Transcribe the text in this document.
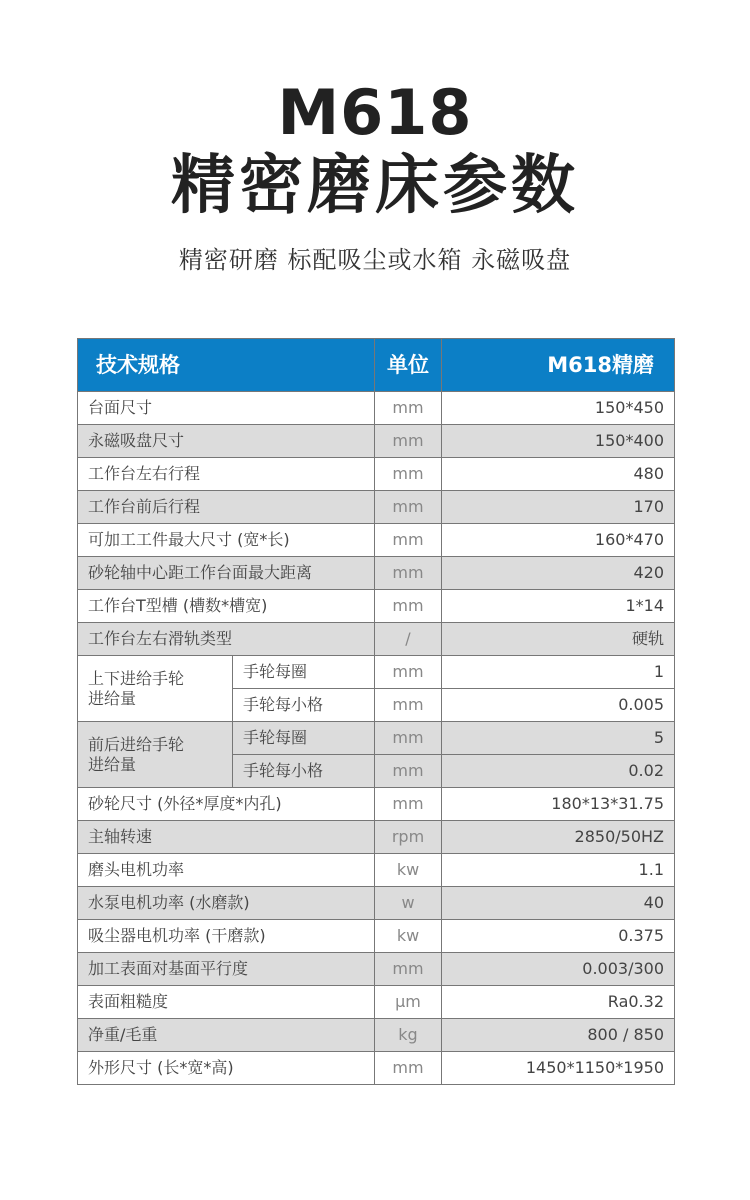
M618
精密磨床参数
精密研磨 标配吸尘或水箱 永磁吸盘
技术规格		单位	M618精磨
台面尺寸		mm	150*450
永磁吸盘尺寸		mm	150*400
工作台左右行程		mm	480
工作台前后行程		mm	170
可加工工件最大尺寸 (宽*长)		mm	160*470
砂轮轴中心距工作台面最大距离		mm	420
工作台T型槽 (槽数*槽宽)		mm	1*14
工作台左右滑轨类型		/	硬轨

上下进给手轮
进给量	手轮每圈	mm	1
	手轮每小格	mm	0.005

前后进给手轮
进给量	手轮每圈	mm	5
	手轮每小格	mm	0.02
砂轮尺寸 (外径*厚度*内孔)		mm	180*13*31.75
主轴转速		rpm	2850/50HZ
磨头电机功率		kw	1.1
水泵电机功率 (水磨款)		w	40
吸尘器电机功率 (干磨款)		kw	0.375
加工表面对基面平行度		mm	0.003/300
表面粗糙度		μm	Ra0.32
净重/毛重		kg	800 / 850
外形尺寸 (长*宽*高)		mm	1450*1150*1950
